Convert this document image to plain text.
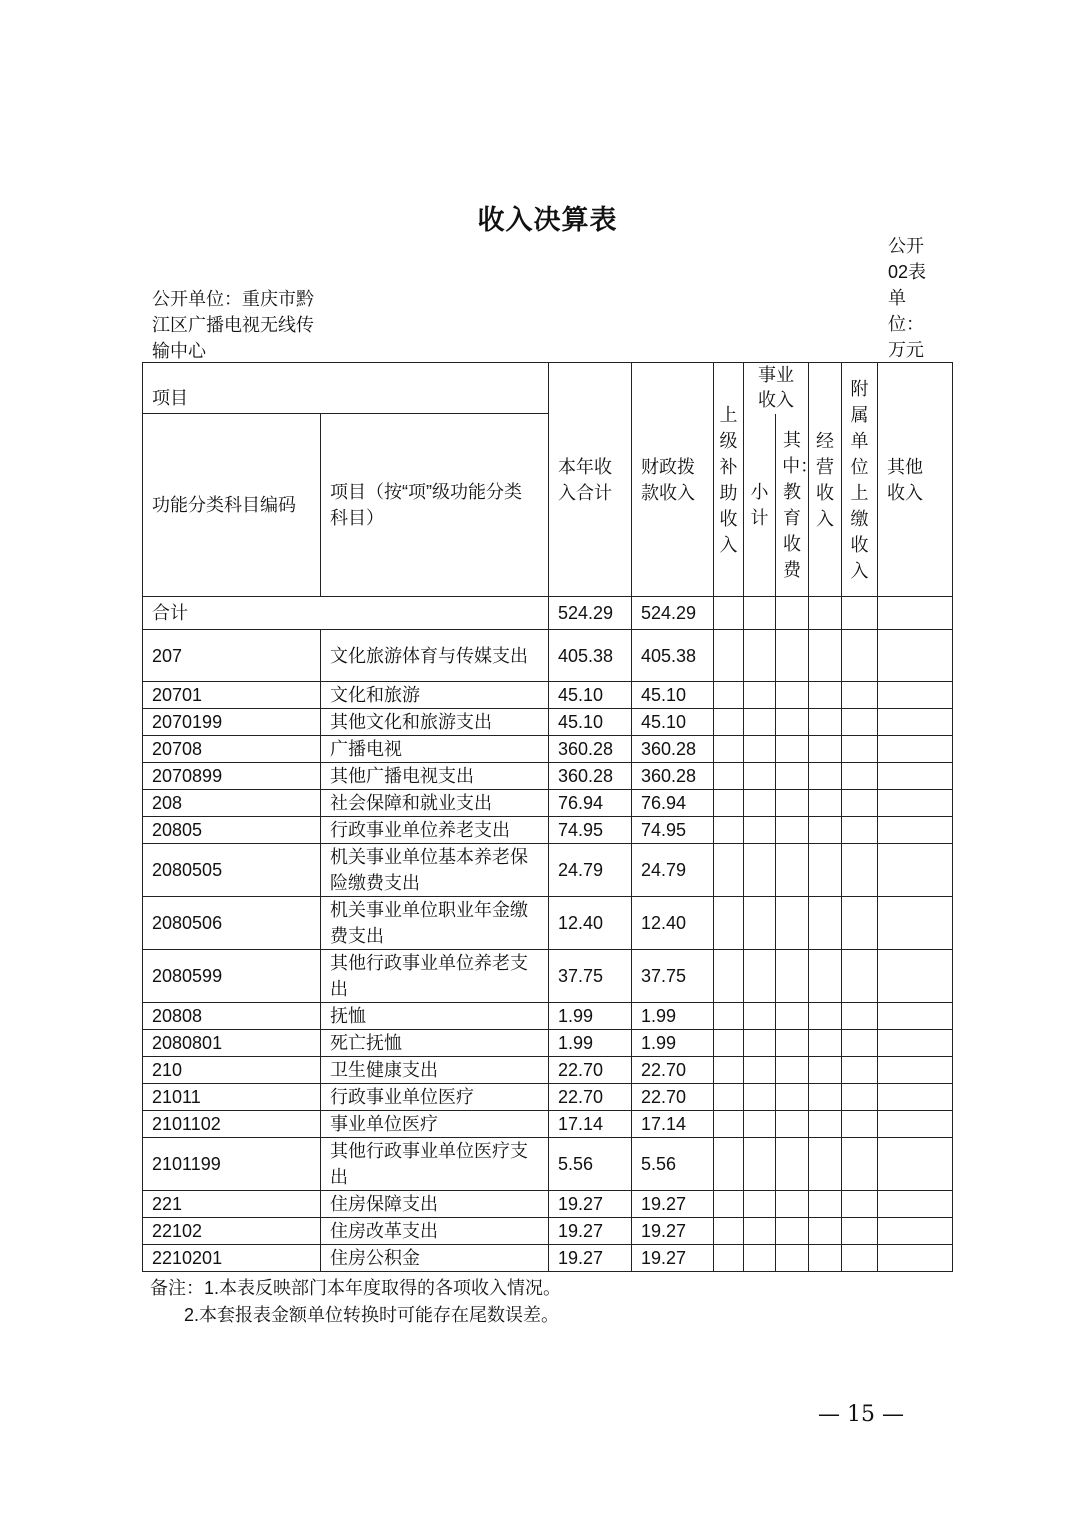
收入决算表
公开单位：重庆市黔江区广播电视无线传输中心
公开02表
单位：万元
项目		本年收入合计	财政拨款收入	上级补助收入	事业收入		经营收入	附属单位上缴收入	其他收入

功能分类科目编码	项目（按“项”级功能分类科目）				小计	其中：教育收费			
合计		524.29	524.29						
207	文化旅游体育与传媒支出	405.38	405.38						
20701	文化和旅游	45.10	45.10						
2070199	其他文化和旅游支出	45.10	45.10						
20708	广播电视	360.28	360.28						
2070899	其他广播电视支出	360.28	360.28						
208	社会保障和就业支出	76.94	76.94						
20805	行政事业单位养老支出	74.95	74.95						
2080505	机关事业单位基本养老保险缴费支出	24.79	24.79						
2080506	机关事业单位职业年金缴费支出	12.40	12.40						
2080599	其他行政事业单位养老支出	37.75	37.75						
20808	抚恤	1.99	1.99						
2080801	死亡抚恤	1.99	1.99						
210	卫生健康支出	22.70	22.70						
21011	行政事业单位医疗	22.70	22.70						
2101102	事业单位医疗	17.14	17.14						
2101199	其他行政事业单位医疗支出	5.56	5.56						
221	住房保障支出	19.27	19.27						
22102	住房改革支出	19.27	19.27						
2210201	住房公积金	19.27	19.27						
备注：1.本表反映部门本年度取得的各项收入情况。
2.本套报表金额单位转换时可能存在尾数误差。
— 15 —
